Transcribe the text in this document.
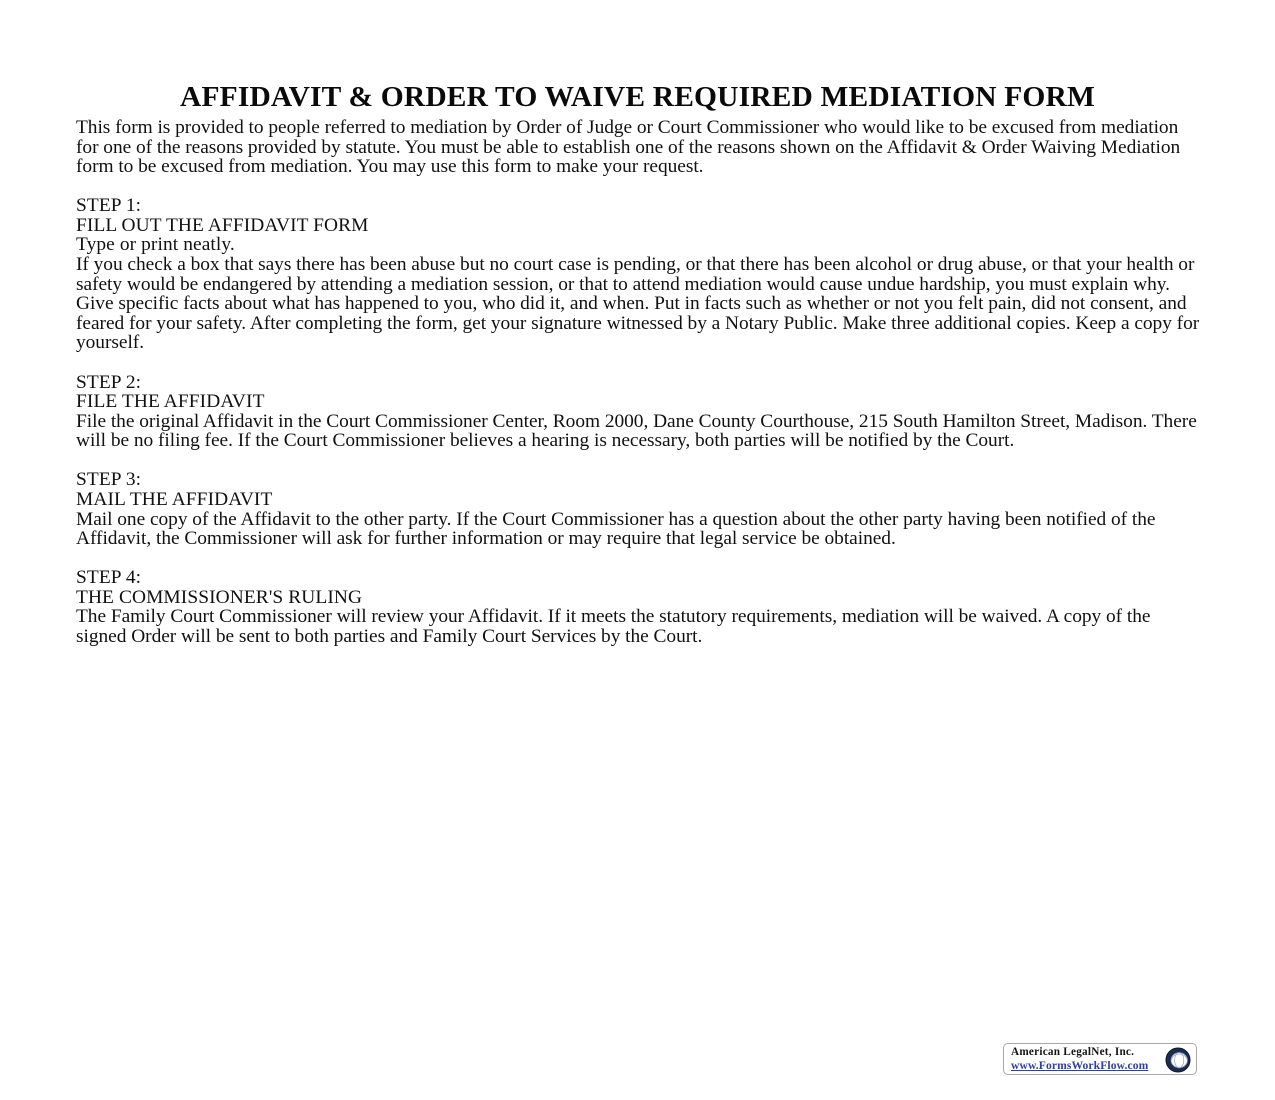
AFFIDAVIT & ORDER TO WAIVE REQUIRED MEDIATION FORM

This form is provided to people referred to mediation by Order of Judge or Court Commissioner who would like to be excused from mediation for one of the reasons provided by statute. You must be able to establish one of the reasons shown on the Affidavit & Order Waiving Mediation form to be excused from mediation. You may use this form to make your request.

STEP 1:
FILL OUT THE AFFIDAVIT FORM
Type or print neatly.

If you check a box that says there has been abuse but no court case is pending, or that there has been alcohol or drug abuse, or that your health or safety would be endangered by attending a mediation session, or that to attend mediation would cause undue hardship, you must explain why. Give specific facts about what has happened to you, who did it, and when. Put in facts such as whether or not you felt pain, did not consent, and feared for your safety. After completing the form, get your signature witnessed by a Notary Public. Make three additional copies. Keep a copy for yourself.

STEP 2:
FILE THE AFFIDAVIT

File the original Affidavit in the Court Commissioner Center, Room 2000, Dane County Courthouse, 215 South Hamilton Street, Madison. There will be no filing fee. If the Court Commissioner believes a hearing is necessary, both parties will be notified by the Court.

STEP 3:
MAIL THE AFFIDAVIT

Mail one copy of the Affidavit to the other party. If the Court Commissioner has a question about the other party having been notified of the Affidavit, the Commissioner will ask for further information or may require that legal service be obtained.

STEP 4:
THE COMMISSIONER'S RULING

The Family Court Commissioner will review your Affidavit. If it meets the statutory requirements, mediation will be waived. A copy of the signed Order will be sent to both parties and Family Court Services by the Court.

American LegalNet, Inc.
www.FormsWorkFlow.com
